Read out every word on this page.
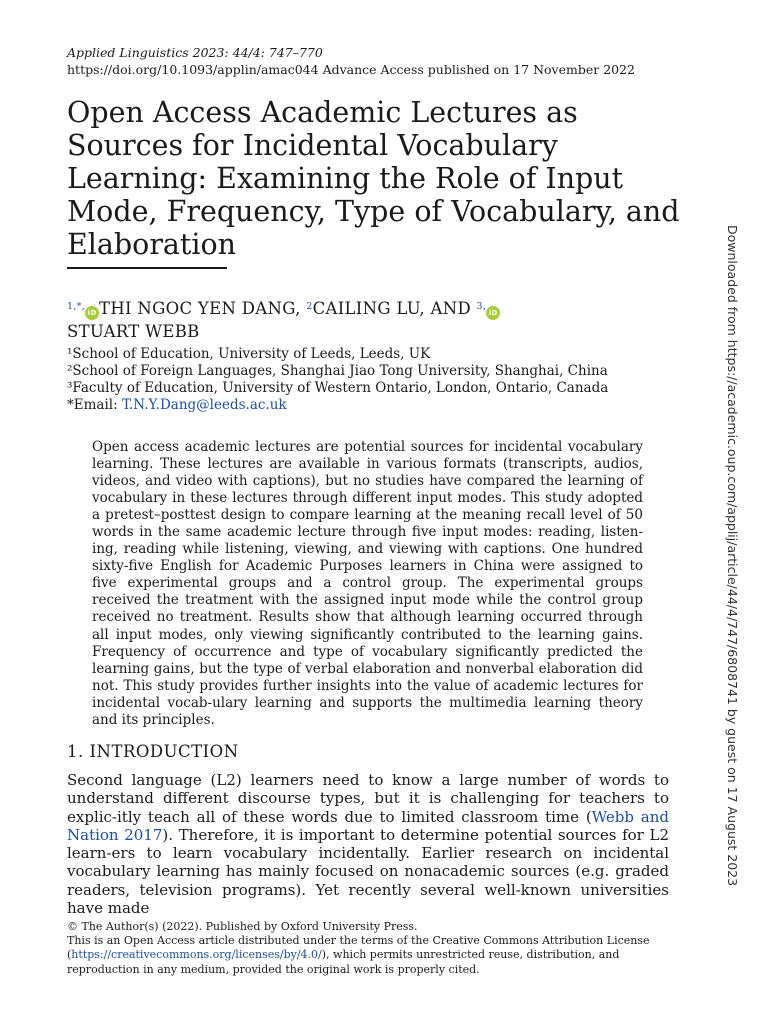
Applied Linguistics 2023: 44/4: 747–770
https://doi.org/10.1093/applin/amac044 Advance Access published on 17 November 2022
Open Access Academic Lectures as Sources for Incidental Vocabulary Learning: Examining the Role of Input Mode, Frequency, Type of Vocabulary, and Elaboration
$^{1,*,}$iD THI NGOC YEN DANG, $^2$CAILING LU, AND $^{3,}$iD
STUART WEBB
¹School of Education, University of Leeds, Leeds, UK
²School of Foreign Languages, Shanghai Jiao Tong University, Shanghai, China
³Faculty of Education, University of Western Ontario, London, Ontario, Canada
*Email: T.N.Y.Dang@leeds.ac.uk
Open access academic lectures are potential sources for incidental vocabulary learning. These lectures are available in various formats (transcripts, audios, videos, and video with captions), but no studies have compared the learning of vocabulary in these lectures through different input modes. This study adopted a pretest–posttest design to compare learning at the meaning recall level of 50 words in the same academic lecture through five input modes: reading, listen-ing, reading while listening, viewing, and viewing with captions. One hundred sixty-five English for Academic Purposes learners in China were assigned to five experimental groups and a control group. The experimental groups received the treatment with the assigned input mode while the control group received no treatment. Results show that although learning occurred through all input modes, only viewing significantly contributed to the learning gains. Frequency of occurrence and type of vocabulary significantly predicted the learning gains, but the type of verbal elaboration and nonverbal elaboration did not. This study provides further insights into the value of academic lectures for incidental vocab-ulary learning and supports the multimedia learning theory and its principles.
1. INTRODUCTION
Second language (L2) learners need to know a large number of words to understand different discourse types, but it is challenging for teachers to explic-itly teach all of these words due to limited classroom time (Webb and Nation 2017). Therefore, it is important to determine potential sources for L2 learn-ers to learn vocabulary incidentally. Earlier research on incidental vocabulary learning has mainly focused on nonacademic sources (e.g. graded readers, television programs). Yet recently several well-known universities have made
© The Author(s) (2022). Published by Oxford University Press.
This is an Open Access article distributed under the terms of the Creative Commons Attribution License
(https://creativecommons.org/licenses/by/4.0/), which permits unrestricted reuse, distribution, and
reproduction in any medium, provided the original work is properly cited.
Downloaded from https://academic.oup.com/applij/article/44/4/747/6808741 by guest on 17 August 2023
